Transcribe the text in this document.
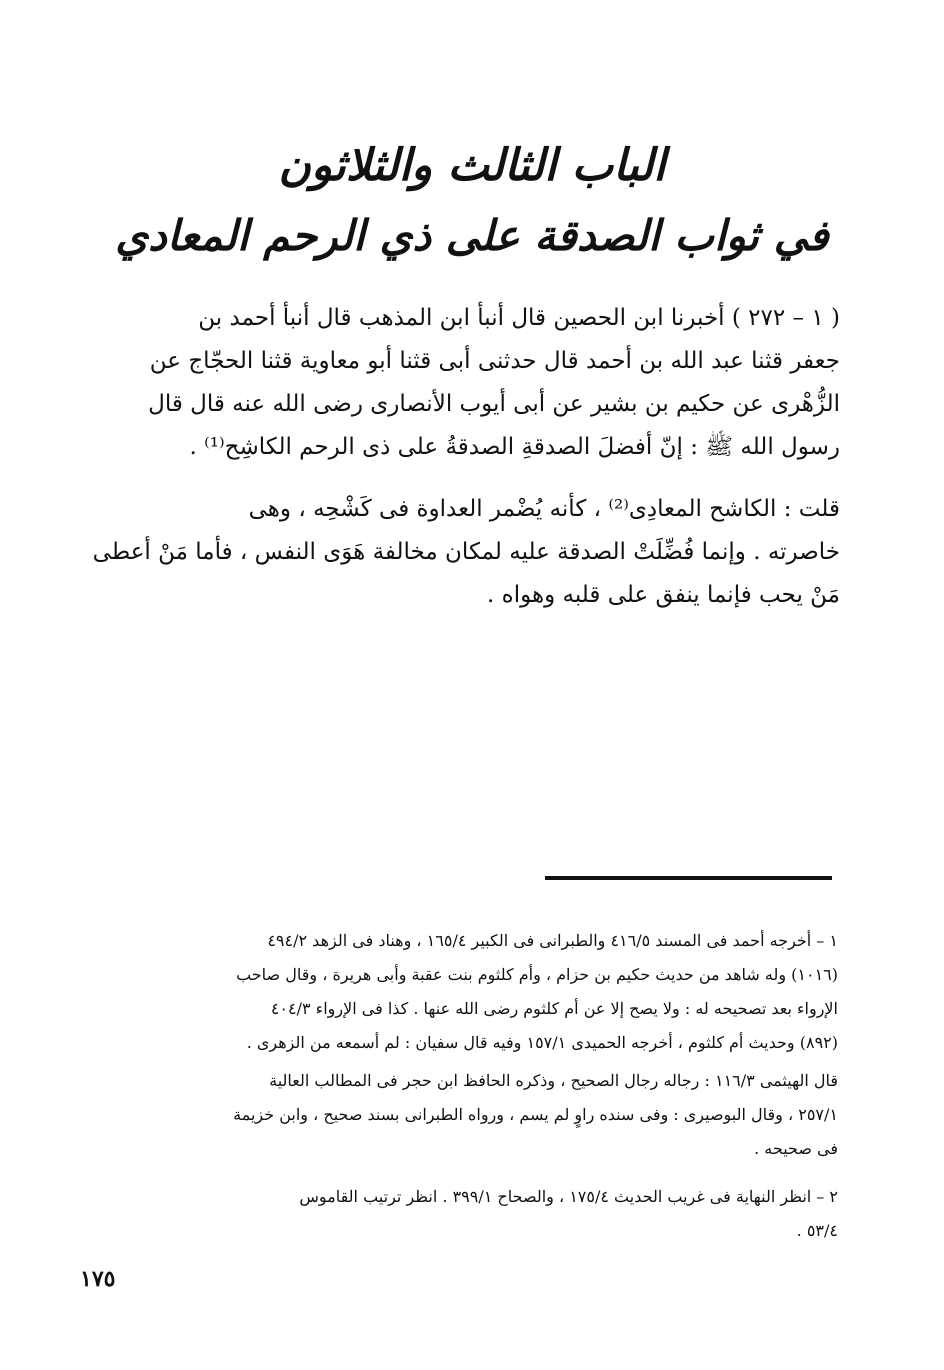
الباب الثالث والثلاثون
في ثواب الصدقة على ذي الرحم المعادي

( ١ – ٢٧٢ ) أخبرنا ابن الحصين قال أنبأ ابن المذهب قال أنبأ أحمد بن
جعفر قثنا عبد الله بن أحمد قال حدثنى أبى قثنا أبو معاوية قثنا الحجّاج عن
الزُّهْرى عن حكيم بن بشير عن أبى أيوب الأنصارى رضى الله عنه قال قال
رسول الله ﷺ : إنّ أفضلَ الصدقةِ الصدقةُ على ذى الرحم الكاشِح⁽¹⁾ .

قلت : الكاشح المعادِى⁽²⁾ ، كأنه يُضْمر العداوة فى كَشْحِه ، وهى
خاصرته . وإنما فُضِّلَتْ الصدقة عليه لمكان مخالفة هَوَى النفس ، فأما مَنْ أعطى
مَنْ يحب فإنما ينفق على قلبه وهواه .

١ – أخرجه أحمد فى المسند ٤١٦/٥ والطبرانى فى الكبير ١٦٥/٤ ، وهناد فى الزهد ٤٩٤/٢
(١٠١٦) وله شاهد من حديث حكيم بن حزام ، وأم كلثوم بنت عقبة وأبى هريرة ، وقال صاحب
الإرواء بعد تصحيحه له : ولا يصح إلا عن أم كلثوم رضى الله عنها . كذا فى الإرواء ٤٠٤/٣
(٨٩٢) وحديث أم كلثوم ، أخرجه الحميدى ١٥٧/١ وفيه قال سفيان : لم أسمعه من الزهرى .
قال الهيثمى ١١٦/٣ : رجاله رجال الصحيح ، وذكره الحافظ ابن حجر فى المطالب العالية
٢٥٧/١ ، وقال البوصيرى : وفى سنده راوٍ لم يسم ، ورواه الطبرانى بسند صحيح ، وابن خزيمة
فى صحيحه .
٢ – انظر النهاية فى غريب الحديث ١٧٥/٤ ، والصحاح ٣٩٩/١ . انظر ترتيب القاموس
٥٣/٤ .
١٧٥
